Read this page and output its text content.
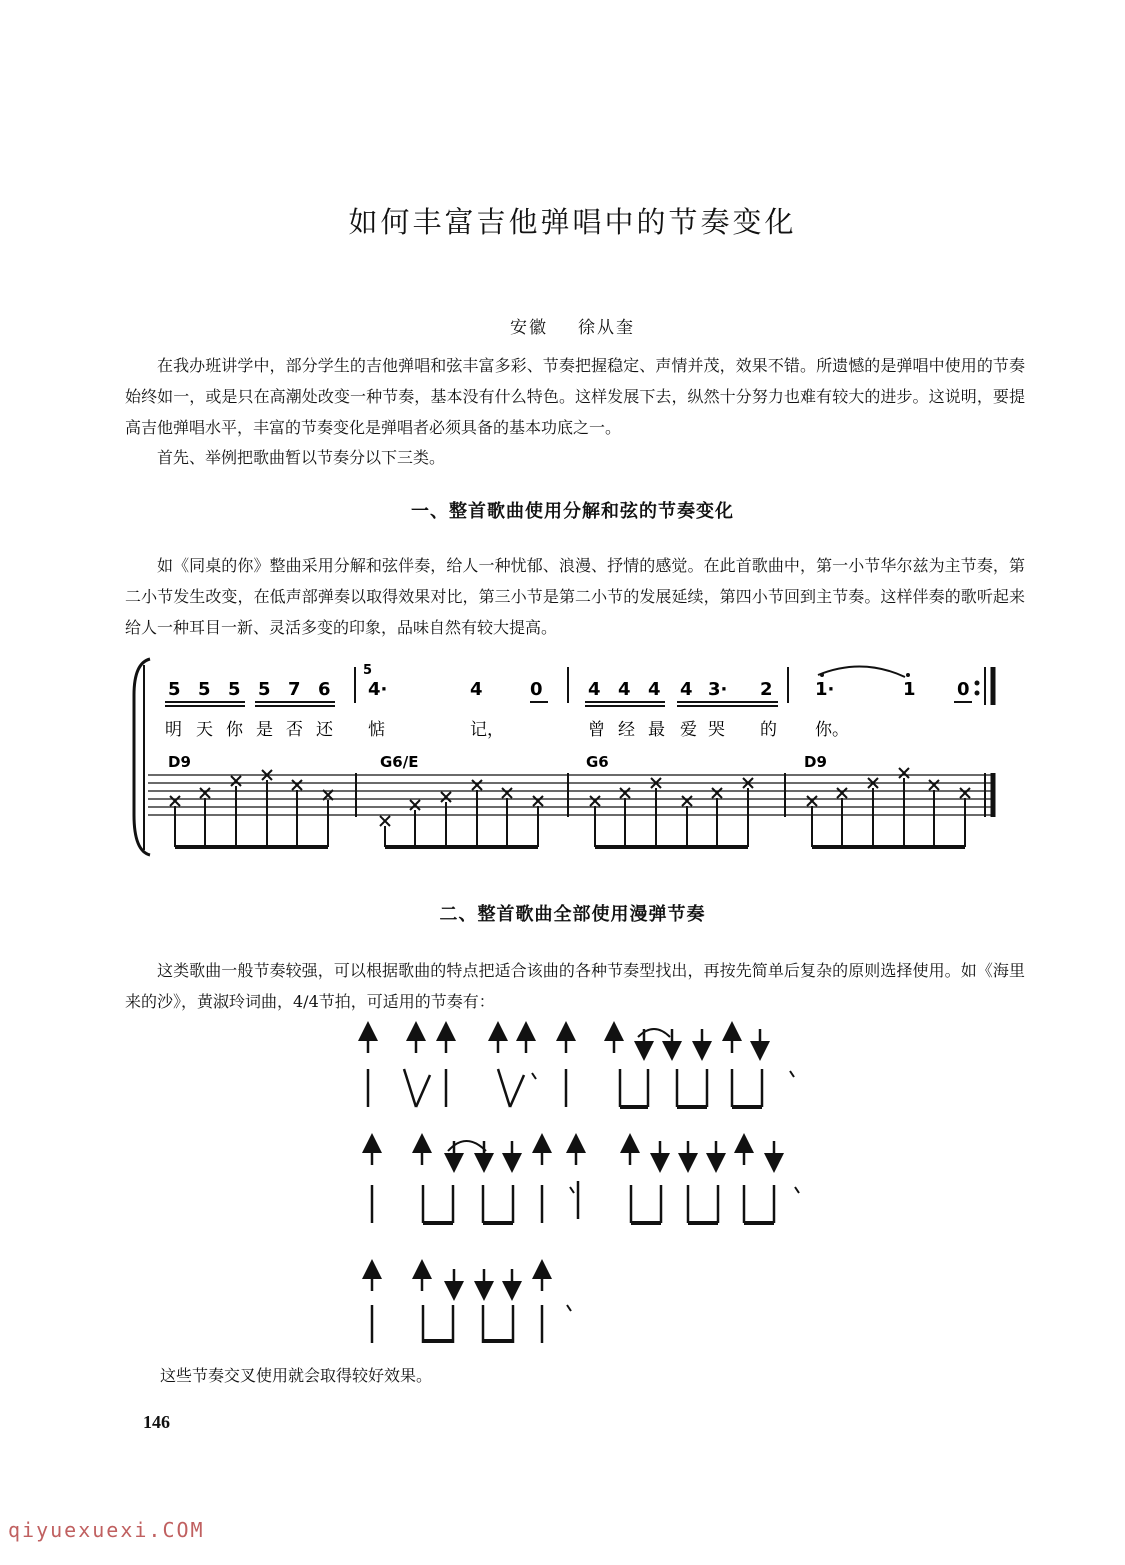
如何丰富吉他弹唱中的节奏变化
安徽 徐从奎
在我办班讲学中，部分学生的吉他弹唱和弦丰富多彩、节奏把握稳定、声情并茂，效果不错。所遗憾的是弹唱中使用的节奏始终如一，或是只在高潮处改变一种节奏，基本没有什么特色。这样发展下去，纵然十分努力也难有较大的进步。这说明，要提高吉他弹唱水平，丰富的节奏变化是弹唱者必须具备的基本功底之一。
首先、举例把歌曲暂以节奏分以下三类。
一、整首歌曲使用分解和弦的节奏变化
如《同桌的你》整曲采用分解和弦伴奏，给人一种忧郁、浪漫、抒情的感觉。在此首歌曲中，第一小节华尔兹为主节奏，第二小节发生改变，在低声部弹奏以取得效果对比，第三小节是第二小节的发展延续，第四小节回到主节奏。这样伴奏的歌听起来给人一种耳目一新、灵活多变的印象，品味自然有较大提高。
5 5 5 5 7 6 4·	4	0	4 4 4 4 3· 2 1·	1 0
5
明 天 你 是 否 还 惦	记，	曾 经 最 爱 哭 的 你。
D9	G6/E	G6	D9
二、整首歌曲全部使用漫弹节奏
这类歌曲一般节奏较强，可以根据歌曲的特点把适合该曲的各种节奏型找出，再按先简单后复杂的原则选择使用。如《海里来的沙》，黄淑玲词曲，4/4节拍，可适用的节奏有：
这些节奏交叉使用就会取得较好效果。
146
qiyuexuexi.COM
